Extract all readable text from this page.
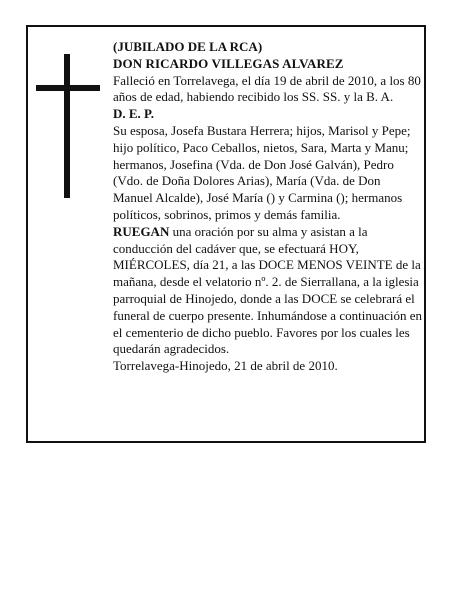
(JUBILADO DE LA RCA)

DON RICARDO VILLEGAS ALVAREZ

Falleció en Torrelavega, el día 19 de abril de 2010, a los 80 años de edad, habiendo recibido los SS. SS. y la B. A.

D. E. P.

Su esposa, Josefa Bustara Herrera; hijos, Marisol y Pepe; hijo político, Paco Ceballos, nietos, Sara, Marta y Manu; hermanos, Josefina (Vda. de Don José Galván), Pedro (Vdo. de Doña Dolores Arias), María (Vda. de Don Manuel Alcalde), José María () y Carmina (); hermanos políticos, sobrinos, primos y demás familia.

RUEGAN una oración por su alma y asistan a la conducción del cadáver que, se efectuará HOY, MIÉRCOLES, día 21, a las DOCE MENOS VEINTE de la mañana, desde el velatorio nº. 2. de Sierrallana, a la iglesia parroquial de Hinojedo, donde a las DOCE se celebrará el funeral de cuerpo presente. Inhumándose a continuación en el cementerio de dicho pueblo. Favores por los cuales les quedarán agradecidos.

Torrelavega-Hinojedo, 21 de abril de 2010.
